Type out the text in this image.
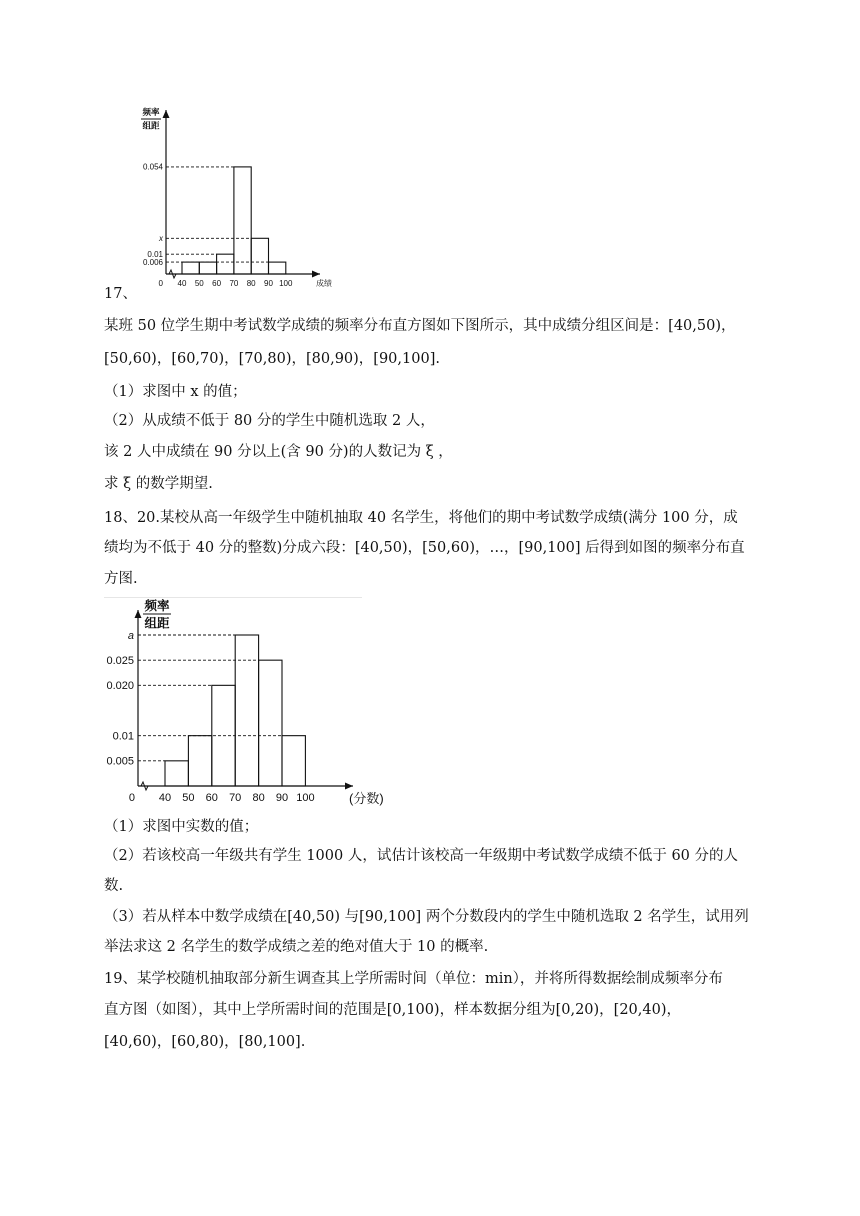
0.054
x
0.01
0.006
0 40 50 60 70 80 90 100	成绩
频率
组距
17、
某班 50 位学生期中考试数学成绩的频率分布直方图如下图所示，其中成绩分组区间是：[40,50)，
[50,60)，[60,70)，[70,80)，[80,90)，[90,100].
（1）求图中 x 的值；
（2）从成绩不低于 80 分的学生中随机选取 2 人，
该 2 人中成绩在 90 分以上(含 90 分)的人数记为 ξ ，
求 ξ 的数学期望.
18、20.某校从高一年级学生中随机抽取 40 名学生，将他们的期中考试数学成绩(满分 100 分，成
绩均为不低于 40 分的整数)分成六段：[40,50)，[50,60)，…，[90,100] 后得到如图的频率分布直
方图.
a
0.025
0.020
0.01
0.005
0 40 50 60 70 80 90 100	(分数)
频率
组距
（1）求图中实数的值；
（2）若该校高一年级共有学生 1000 人，试估计该校高一年级期中考试数学成绩不低于 60 分的人
数.
（3）若从样本中数学成绩在[40,50) 与[90,100] 两个分数段内的学生中随机选取 2 名学生，试用列
举法求这 2 名学生的数学成绩之差的绝对值大于 10 的概率.
19、某学校随机抽取部分新生调查其上学所需时间（单位：min），并将所得数据绘制成频率分布
直方图（如图），其中上学所需时间的范围是[0,100)，样本数据分组为[0,20)，[20,40)，
[40,60)，[60,80)，[80,100].
